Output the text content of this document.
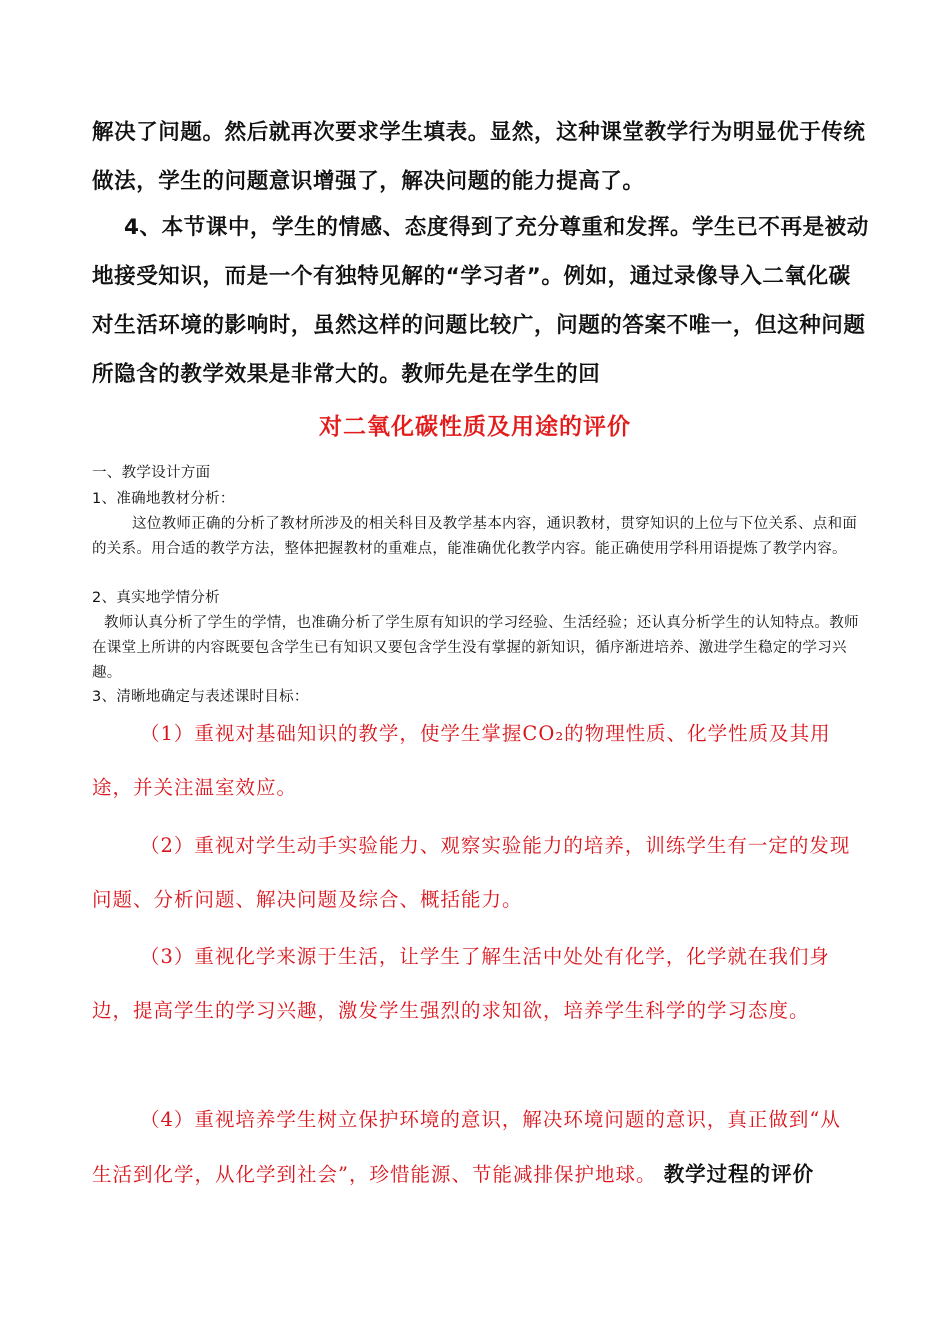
解决了问题。然后就再次要求学生填表。显然，这种课堂教学行为明显优于传统做法，学生的问题意识增强了，解决问题的能力提高了。

4、本节课中，学生的情感、态度得到了充分尊重和发挥。学生已不再是被动地接受知识，而是一个有独特见解的“学习者”。例如，通过录像导入二氧化碳对生活环境的影响时，虽然这样的问题比较广，问题的答案不唯一，但这种问题所隐含的教学效果是非常大的。教师先是在学生的回

对二氧化碳性质及用途的评价

一、教学设计方面

1、准确地教材分析：

这位教师正确的分析了教材所涉及的相关科目及教学基本内容，通识教材，贯穿知识的上位与下位关系、点和面的关系。用合适的教学方法，整体把握教材的重难点，能准确优化教学内容。能正确使用学科用语提炼了教学内容。

2、真实地学情分析

教师认真分析了学生的学情，也准确分析了学生原有知识的学习经验、生活经验；还认真分析学生的认知特点。教师在课堂上所讲的内容既要包含学生已有知识又要包含学生没有掌握的新知识，循序渐进培养、激进学生稳定的学习兴趣。

3、清晰地确定与表述课时目标：

（1）重视对基础知识的教学，使学生掌握CO₂的物理性质、化学性质及其用途，并关注温室效应。

（2）重视对学生动手实验能力、观察实验能力的培养，训练学生有一定的发现问题、分析问题、解决问题及综合、概括能力。

（3）重视化学来源于生活，让学生了解生活中处处有化学，化学就在我们身边，提高学生的学习兴趣，激发学生强烈的求知欲，培养学生科学的学习态度。

（4）重视培养学生树立保护环境的意识，解决环境问题的意识，真正做到“从生活到化学，从化学到社会”，珍惜能源、节能减排保护地球。 教学过程的评价
